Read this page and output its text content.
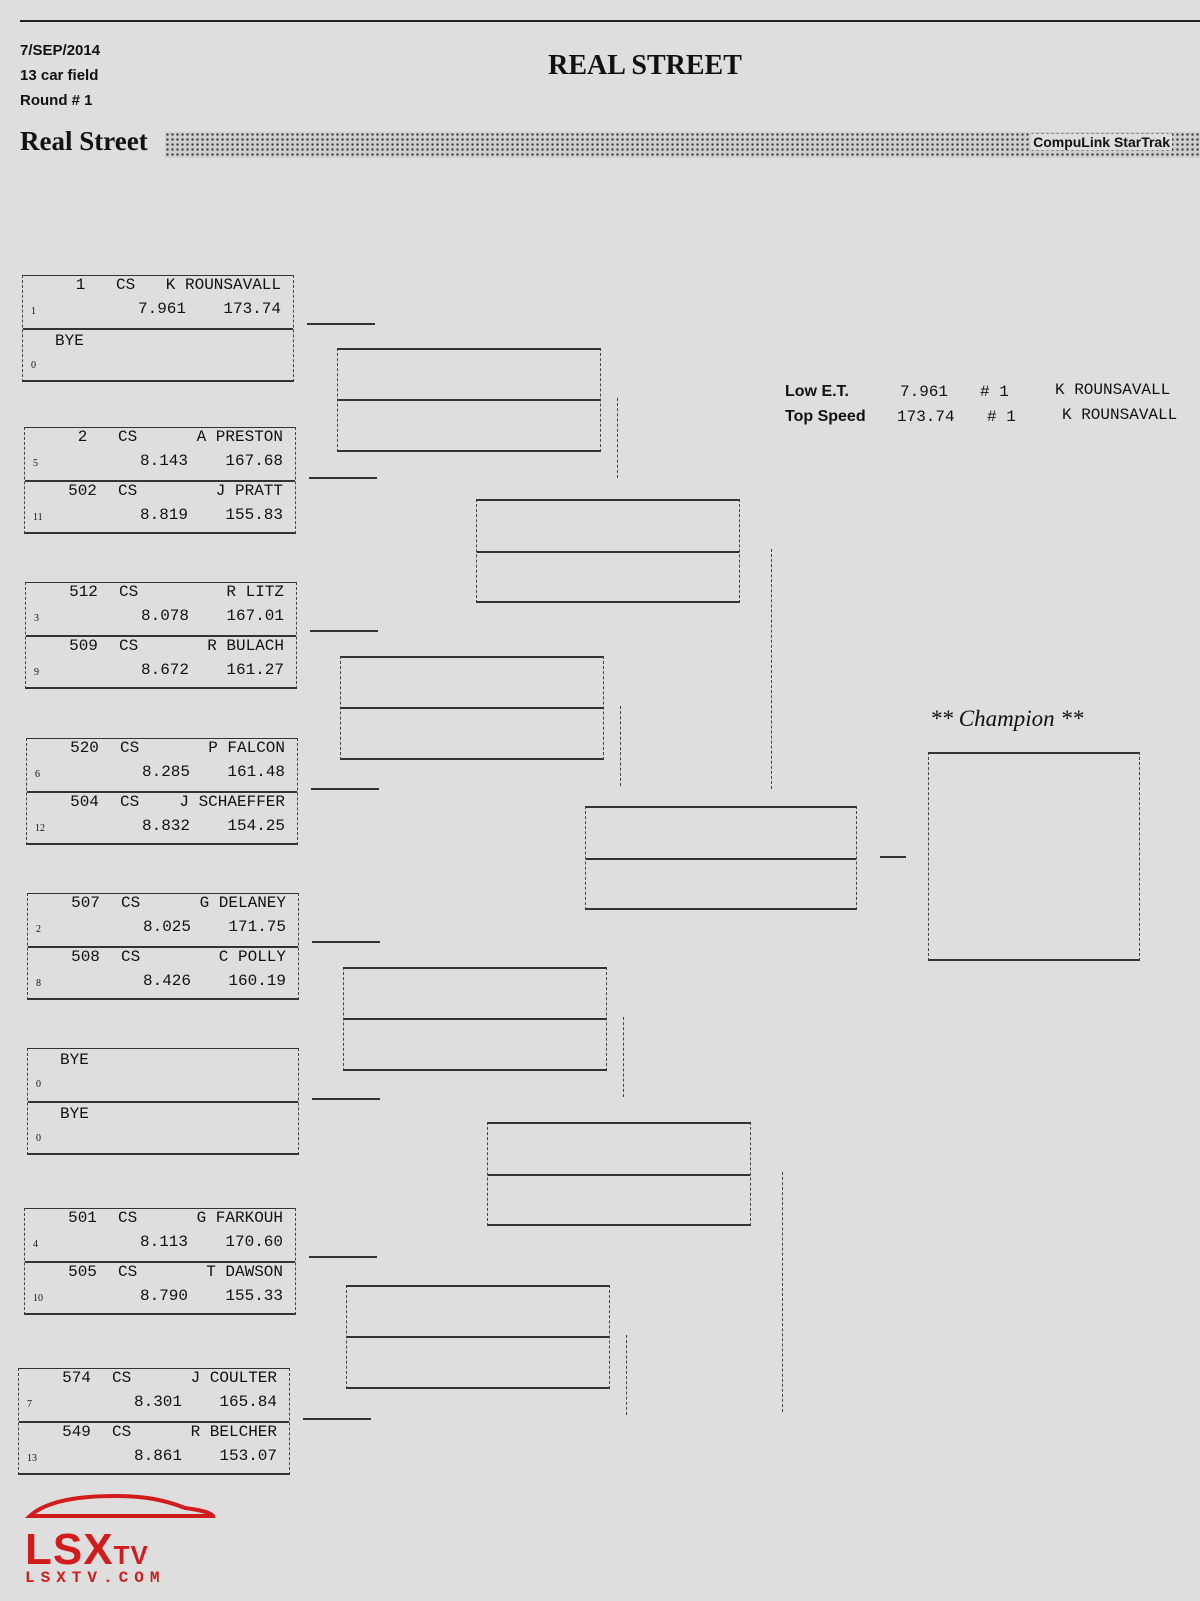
7/SEP/2014
13 car field
Round # 1
REAL STREET
Real Street	CompuLink StarTrak
Low E.T.	7.961 # 1	K ROUNSAVALL
Top Speed 173.74 # 1	K ROUNSAVALL
1	CS K ROUNSAVALL
7.961 173.74
1
BYE
0
2	CS	A PRESTON
8.143 167.68
5
502	CS	J PRATT
8.819 155.83
11
512	CS	R LITZ
8.078 167.01
3
509	CS	R BULACH
8.672 161.27
9
520	CS	P FALCON
8.285 161.48
6
504	CS	J SCHAEFFER
8.832 154.25
12
507	CS	G DELANEY
8.025 171.75
2
508	CS	C POLLY
8.426 160.19
8
BYE
0
BYE
0
501	CS	G FARKOUH
8.113 170.60
4
505	CS	T DAWSON
8.790 155.33
10
574	CS	J COULTER
8.301 165.84
7
549	CS	R BELCHER
8.861 153.07
13
** Champion **
LSXTV
LSXTV.COM
